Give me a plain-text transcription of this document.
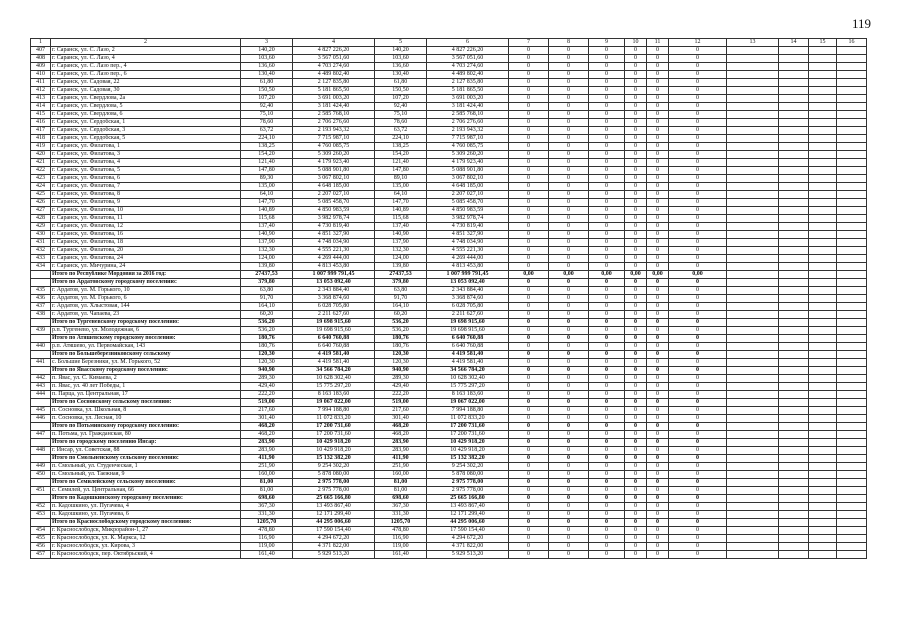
119
1	2	3	4	5	6	7	8	9	10	11	12	13	14	15	16
407	г. Саранск, ул. С. Лазо, 2	140,20	4 827 226,20	140,20	4 827 226,20	0	0	0	0	0	0				
408	г. Саранск, ул. С. Лазо, 4	103,60	3 567 051,60	103,60	3 567 051,60	0	0	0	0	0	0				
409	г. Саранск, ул. С. Лазо пер., 4	136,60	4 703 274,60	136,60	4 703 274,60	0	0	0	0	0	0				
410	г. Саранск, ул. С. Лазо пер., 6	130,40	4 489 802,40	130,40	4 489 802,40	0	0	0	0	0	0				
411	г. Саранск, ул. Садовая, 22	61,80	2 127 835,80	61,80	2 127 835,80	0	0	0	0	0	0				
412	г. Саранск, ул. Садовая, 30	150,50	5 181 865,50	150,50	5 181 865,50	0	0	0	0	0	0				
413	г. Саранск, ул. Свердлова, 2а	107,20	3 691 003,20	107,20	3 691 003,20	0	0	0	0	0	0				
414	г. Саранск, ул. Свердлова, 5	92,40	3 181 424,40	92,40	3 181 424,40	0	0	0	0	0	0				
415	г. Саранск, ул. Свердлова, 6	75,10	2 585 768,10	75,10	2 585 768,10	0	0	0	0	0	0				
416	г. Саранск, ул. Сердобская, 1	78,60	2 706 276,60	78,60	2 706 276,60	0	0	0	0	0	0				
417	г. Саранск, ул. Сердобская, 3	63,72	2 193 943,32	63,72	2 193 943,32	0	0	0	0	0	0				
418	г. Саранск, ул. Сердобская, 5	224,10	7 715 987,10	224,10	7 715 987,10	0	0	0	0	0	0				
419	г. Саранск, ул. Филатова, 1	138,25	4 760 085,75	138,25	4 760 085,75	0	0	0	0	0	0				
420	г. Саранск, ул. Филатова, 3	154,20	5 309 260,20	154,20	5 309 260,20	0	0	0	0	0	0				
421	г. Саранск, ул. Филатова, 4	121,40	4 179 923,40	121,40	4 179 923,40	0	0	0	0	0	0				
422	г. Саранск, ул. Филатова, 5	147,80	5 088 901,80	147,80	5 088 901,80	0	0	0	0	0	0				
423	г. Саранск, ул. Филатова, 6	89,30	3 067 802,10	89,10	3 067 802,10	0	0	0	0	0	0				
424	г. Саранск, ул. Филатова, 7	135,00	4 648 185,00	135,00	4 648 185,00	0	0	0	0	0	0				
425	г. Саранск, ул. Филатова, 8	64,10	2 207 027,10	64,10	2 207 027,10	0	0	0	0	0	0				
426	г. Саранск, ул. Филатова, 9	147,70	5 085 458,70	147,70	5 085 458,70	0	0	0	0	0	0				
427	г. Саранск, ул. Филатова, 10	140,89	4 850 983,59	140,89	4 850 983,59	0	0	0	0	0	0				
428	г. Саранск, ул. Филатова, 11	115,68	3 982 978,74	115,68	3 982 978,74	0	0	0	0	0	0				
429	г. Саранск, ул. Филатова, 12	137,40	4 730 819,40	137,40	4 730 819,40	0	0	0	0	0	0				
430	г. Саранск, ул. Филатова, 16	140,90	4 851 327,90	140,90	4 851 327,90	0	0	0	0	0	0				
431	г. Саранск, ул. Филатова, 18	137,90	4 748 034,90	137,90	4 748 034,90	0	0	0	0	0	0				
432	г. Саранск, ул. Филатова, 20	132,30	4 555 221,30	132,30	4 555 221,30	0	0	0	0	0	0				
433	г. Саранск, ул. Филатова, 24	124,00	4 269 444,00	124,00	4 269 444,00	0	0	0	0	0	0				
434	г. Саранск, ул. Мичурина, 24	139,80	4 813 453,80	139,80	4 813 453,80	0	0	0	0	0	0				
	Итого по Республике Мордовия за 2016 год:	27437,53	1 007 999 791,45	27437,53	1 007 999 791,45	0,00	0,00	0,00	0,00	0,00	0,00				
	Итого по Ардатовскому городскому поселению:	379,80	13 053 092,40	379,80	13 053 092,40	0	0	0	0	0	0				
435	г. Ардатов, ул. М. Горького, 10	63,80	2 343 884,40	63,80	2 343 884,40	0	0	0	0	0	0				
436	г. Ардатов, ул. М. Горького, 6	91,70	3 368 874,60	91,70	3 368 874,60	0	0	0	0	0	0				
437	г. Ардатов, ул. Хлыстовая, 144	164,10	6 028 705,80	164,10	6 028 705,80	0	0	0	0	0	0				
438	г. Ардатов, ул. Чапаева, 23	60,20	2 211 627,60	60,20	2 211 627,60	0	0	0	0	0	0				
	Итого по Тургеневскому городскому поселению:	536,20	19 698 915,60	536,20	19 698 915,60	0	0	0	0	0	0				
439	р.п. Тургенево, ул. Молодежная, 6	536,20	19 698 915,60	536,20	19 698 915,60	0	0	0	0	0	0				
	Итого по Атяшевскому городскому поселению:	180,76	6 640 760,88	180,76	6 640 760,88	0	0	0	0	0	0				
440	р.п. Атяшево, ул. Первомайская, 143	180,76	6 640 760,88	180,76	6 640 760,88	0	0	0	0	0	0				
	Итого по Большеберезниковскому сельскому	120,30	4 419 581,40	120,30	4 419 581,40	0	0	0	0	0	0				
441	с. Большие Березники, ул. М. Горького, 52	120,30	4 419 581,40	120,30	4 419 581,40	0	0	0	0	0	0				
	Итого по Явасскому городскому поселению:	940,90	34 566 784,20	940,90	34 566 784,20	0	0	0	0	0	0				
442	п. Явас, ул. С. Кимаева, 2	289,30	10 628 302,40	289,30	10 628 302,40	0	0	0	0	0	0				
443	п. Явас, ул. 40 лет Победы, 1	429,40	15 775 297,20	429,40	15 775 297,20	0	0	0	0	0	0				
444	п. Парца, ул. Центральная, 17	222,20	8 163 183,60	222,20	8 163 183,60	0	0	0	0	0	0				
	Итого по Сосновскому сельскому поселению:	519,00	19 067 022,00	519,00	19 067 022,00	0	0	0	0	0	0				
445	п. Сосновка, ул. Школьная, 8	217,60	7 994 188,80	217,60	7 994 188,80	0	0	0	0	0	0				
446	п. Сосновка, ул. Лесная, 10	301,40	11 072 833,20	301,40	11 072 833,20	0	0	0	0	0	0				
	Итого по Потьминскому городскому поселению:	468,20	17 200 731,60	468,20	17 200 731,60	0	0	0	0	0	0				
447	п. Потьма, ул. Гражданская, 80	468,20	17 200 731,60	468,20	17 200 731,60	0	0	0	0	0	0				
	Итого по городскому поселению Инсар:	283,90	10 429 918,20	283,90	10 429 918,20	0	0	0	0	0	0				
448	г. Инсар, ул. Советская, 88	283,90	10 429 918,20	283,90	10 429 918,20	0	0	0	0	0	0				
	Итого по Смольненскому сельскому поселению:	411,90	15 132 382,20	411,90	15 132 382,20	0	0	0	0	0	0				
449	п. Смольный, ул. Студенческая, 1	251,90	9 254 302,20	251,90	9 254 302,20	0	0	0	0	0	0				
450	п. Смольный, ул. Таежная, 9	160,00	5 878 080,00	160,00	5 878 080,00	0	0	0	0	0	0				
	Итого по Семилейскому сельскому поселению:	81,00	2 975 778,00	81,00	2 975 778,00	0	0	0	0	0	0				
451	с. Семилей, ул. Центральная, 66	81,00	2 975 778,00	81,00	2 975 778,00	0	0	0	0	0	0				
	Итого по Кадошкинскому городскому поселению:	698,60	25 665 166,80	698,60	25 665 166,80	0	0	0	0	0	0				
452	п. Кадошкино, ул. Пугачева, 4	367,30	13 493 867,40	367,30	13 493 867,40	0	0	0	0	0	0				
453	п. Кадошкино, ул. Пугачева, 6	331,30	12 171 299,40	331,30	12 171 299,40	0	0	0	0	0	0				
	Итого по Краснослободскому городскому поселению:	1205,70	44 295 006,60	1205,70	44 295 006,60	0	0	0	0	0	0				
454	г. Краснослободск, Микрорайон-1, 27	478,80	17 590 154,40	478,80	17 590 154,40	0	0	0	0	0	0				
455	г. Краснослободск, ул. К. Маркса, 12	116,90	4 294 672,20	116,90	4 294 672,20	0	0	0	0	0	0				
456	г. Краснослободск, ул. Кирова, 3	119,00	4 371 822,00	119,00	4 371 822,00	0	0	0	0	0	0				
457	г. Краснослободск, пер. Октябрьский, 4	161,40	5 929 513,20	161,40	5 929 513,20	0	0	0	0	0	0				
